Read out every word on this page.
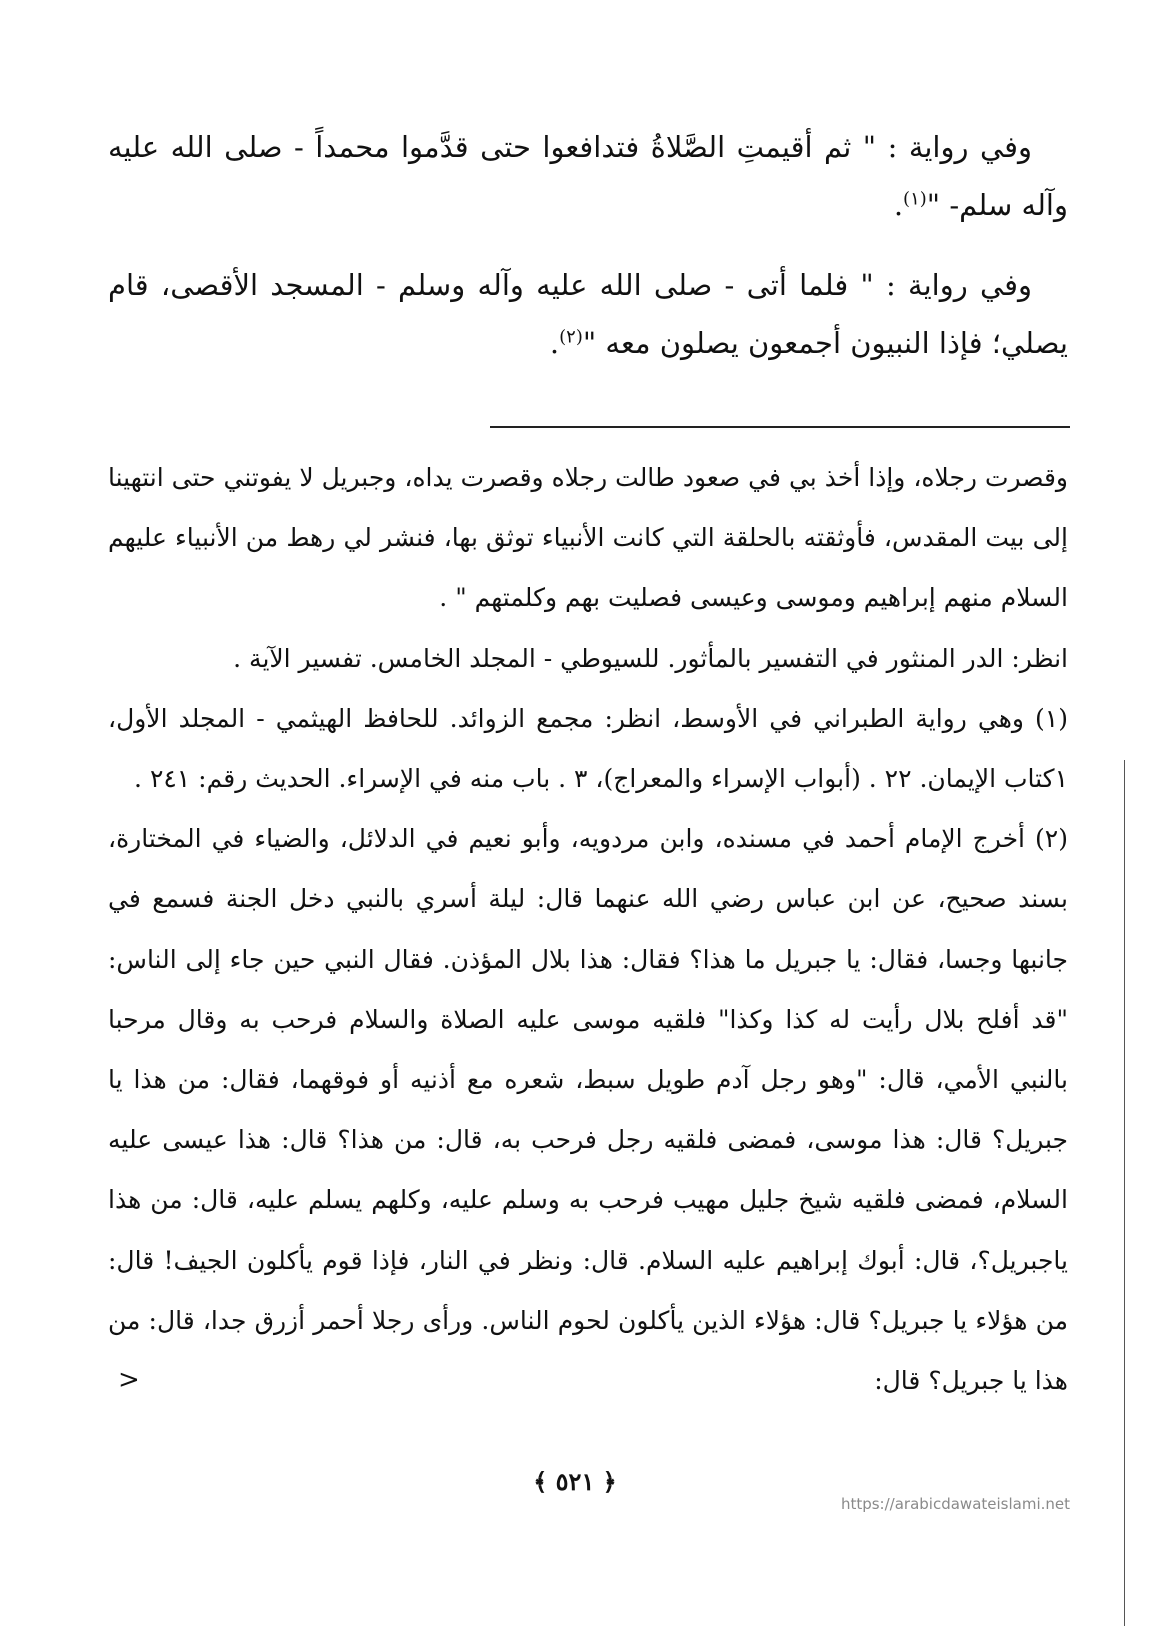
وفي رواية : " ثم أقيمتِ الصَّلاةُ فتدافعوا حتى قدَّموا محمداً - صلى الله عليه وآله سلم- "$^{(١)}$.

وفي رواية : " فلما أتى - صلى الله عليه وآله وسلم - المسجد الأقصى، قام يصلي؛ فإذا النبيون أجمعون يصلون معه "$^{(٢)}$.

وقصرت رجلاه، وإذا أخذ بي في صعود طالت رجلاه وقصرت يداه، وجبريل لا يفوتني حتى انتهينا إلى بيت المقدس، فأوثقته بالحلقة التي كانت الأنبياء توثق بها، فنشر لي رهط من الأنبياء عليهم السلام منهم إبراهيم وموسى وعيسى فصليت بهم وكلمتهم " .

انظر: الدر المنثور في التفسير بالمأثور. للسيوطي - المجلد الخامس. تفسير الآية .

(١) وهي رواية الطبراني في الأوسط، انظر: مجمع الزوائد. للحافظ الهيثمي - المجلد الأول، ١كتاب الإيمان. ٢٢ . (أبواب الإسراء والمعراج)، ٣ . باب منه في الإسراء. الحديث رقم: ٢٤١ .

(٢) أخرج الإمام أحمد في مسنده، وابن مردويه، وأبو نعيم في الدلائل، والضياء في المختارة، بسند صحيح، عن ابن عباس رضي الله عنهما قال: ليلة أسري بالنبي دخل الجنة فسمع في جانبها وجسا، فقال: يا جبريل ما هذا؟ فقال: هذا بلال المؤذن. فقال النبي حين جاء إلى الناس: "قد أفلح بلال رأيت له كذا وكذا" فلقيه موسى عليه الصلاة والسلام فرحب به وقال مرحبا بالنبي الأمي، قال: "وهو رجل آدم طويل سبط، شعره مع أذنيه أو فوقهما، فقال: من هذا يا جبريل؟ قال: هذا موسى، فمضى فلقيه رجل فرحب به، قال: من هذا؟ قال: هذا عيسى عليه السلام، فمضى فلقيه شيخ جليل مهيب فرحب به وسلم عليه، وكلهم يسلم عليه، قال: من هذا ياجبريل؟، قال: أبوك إبراهيم عليه السلام. قال: ونظر في النار، فإذا قوم يأكلون الجيف! قال: من هؤلاء يا جبريل؟ قال: هؤلاء الذين يأكلون لحوم الناس. ورأى رجلا أحمر أزرق جدا، قال: من هذا يا جبريل؟ قال:

>
﴿ ٥٢١ ﴾
https://arabicdawateislami.net
